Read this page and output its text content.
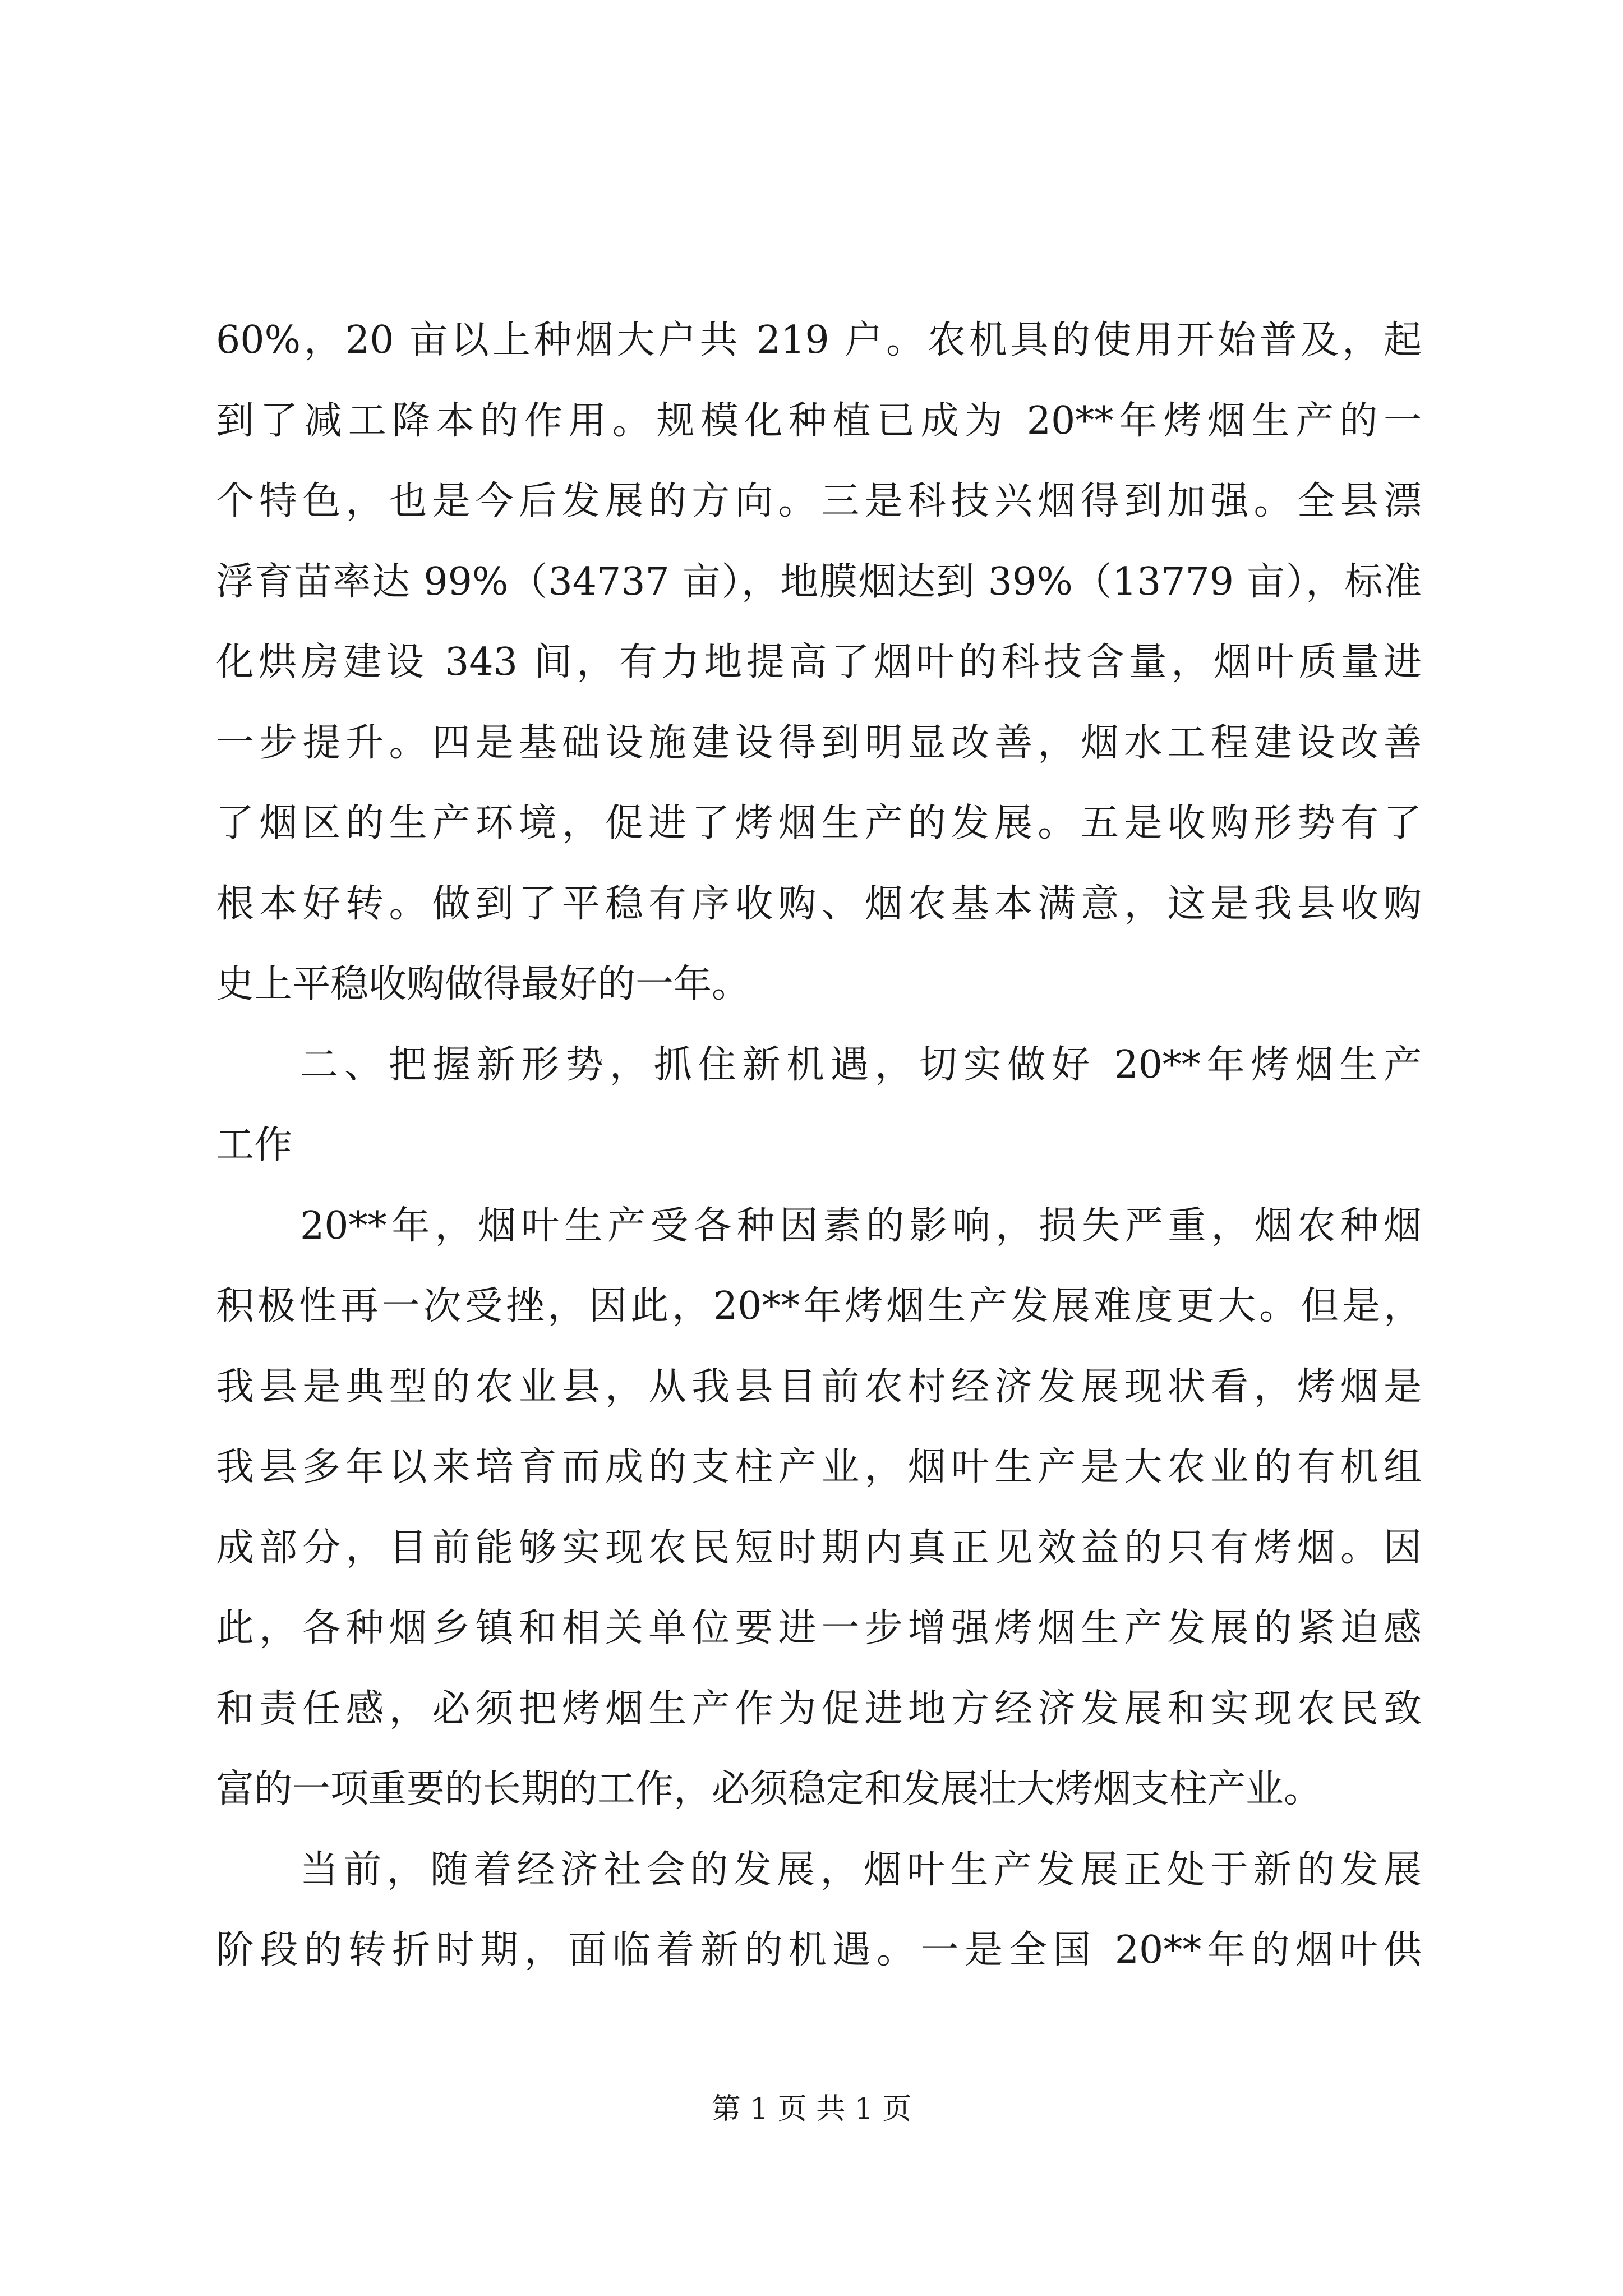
60%，20 亩以上种烟大户共 219 户。农机具的使用开始普及，起
到了减工降本的作用。规模化种植已成为 20**年烤烟生产的一
个特色，也是今后发展的方向。三是科技兴烟得到加强。全县漂
浮育苗率达 99%（34737 亩），地膜烟达到 39%（13779 亩），标准
化烘房建设 343 间，有力地提高了烟叶的科技含量，烟叶质量进
一步提升。四是基础设施建设得到明显改善，烟水工程建设改善
了烟区的生产环境，促进了烤烟生产的发展。五是收购形势有了
根本好转。做到了平稳有序收购、烟农基本满意，这是我县收购
史上平稳收购做得最好的一年。
二、把握新形势，抓住新机遇，切实做好 20**年烤烟生产
工作
20**年，烟叶生产受各种因素的影响，损失严重，烟农种烟
积极性再一次受挫，因此，20**年烤烟生产发展难度更大。但是，
我县是典型的农业县，从我县目前农村经济发展现状看，烤烟是
我县多年以来培育而成的支柱产业，烟叶生产是大农业的有机组
成部分，目前能够实现农民短时期内真正见效益的只有烤烟。因
此，各种烟乡镇和相关单位要进一步增强烤烟生产发展的紧迫感
和责任感，必须把烤烟生产作为促进地方经济发展和实现农民致
富的一项重要的长期的工作，必须稳定和发展壮大烤烟支柱产业。
当前，随着经济社会的发展，烟叶生产发展正处于新的发展
阶段的转折时期，面临着新的机遇。一是全国 20**年的烟叶供
第 1 页 共 1 页
